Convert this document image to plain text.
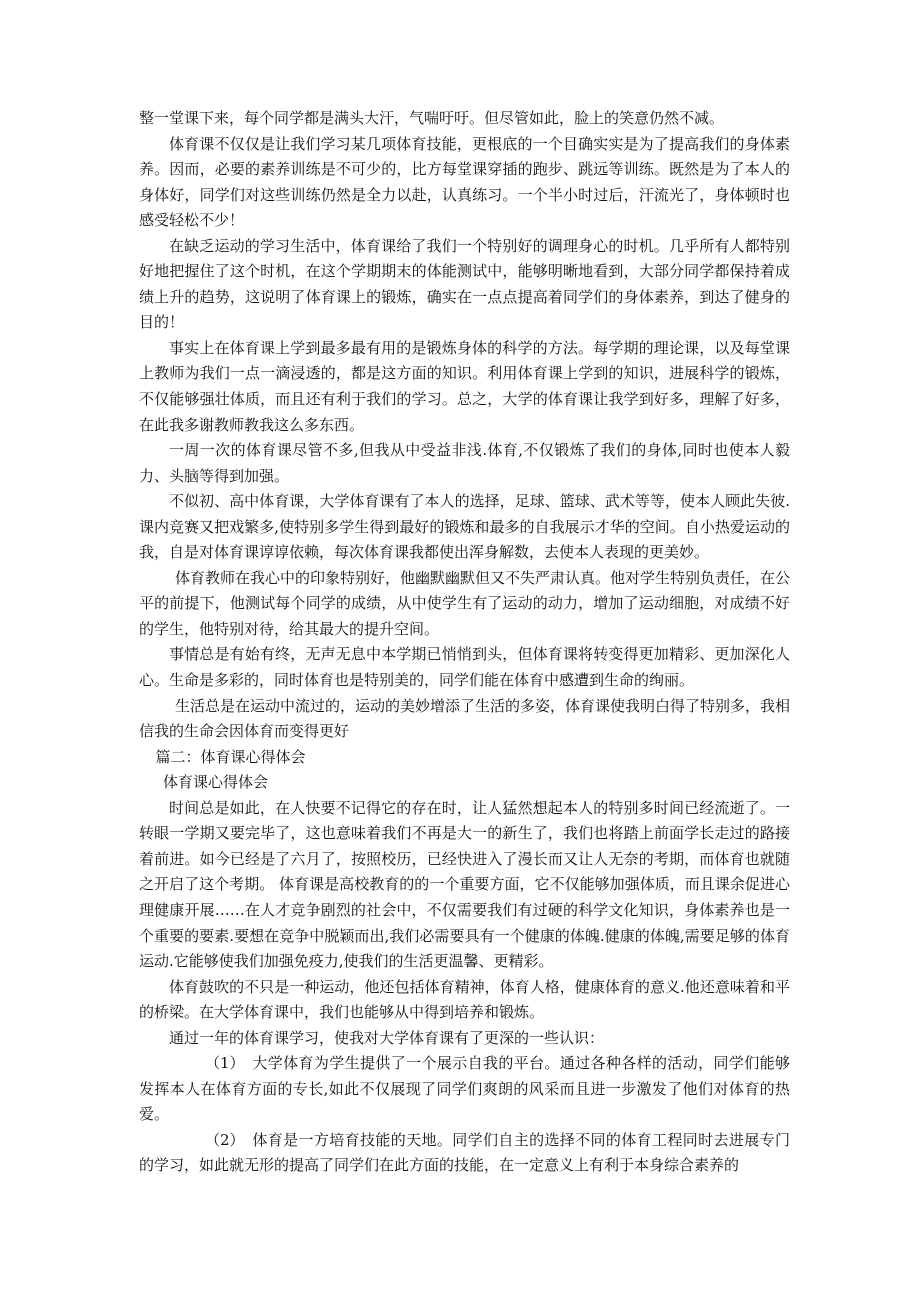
整一堂课下来，每个同学都是满头大汗，气喘吁吁。但尽管如此，脸上的笑意仍然不减。

体育课不仅仅是让我们学习某几项体育技能，更根底的一个目确实实是为了提高我们的身体素养。因而，必要的素养训练是不可少的，比方每堂课穿插的跑步、跳远等训练。既然是为了本人的身体好，同学们对这些训练仍然是全力以赴，认真练习。一个半小时过后，汗流光了，身体顿时也感受轻松不少！

在缺乏运动的学习生活中，体育课给了我们一个特别好的调理身心的时机。几乎所有人都特别好地把握住了这个时机，在这个学期期末的体能测试中，能够明晰地看到，大部分同学都保持着成绩上升的趋势，这说明了体育课上的锻炼，确实在一点点提高着同学们的身体素养，到达了健身的目的！

事实上在体育课上学到最多最有用的是锻炼身体的科学的方法。每学期的理论课，以及每堂课上教师为我们一点一滴浸透的，都是这方面的知识。利用体育课上学到的知识，进展科学的锻炼，不仅能够强壮体质，而且还有利于我们的学习。总之，大学的体育课让我学到好多，理解了好多，在此我多谢教师教我这么多东西。

一周一次的体育课尽管不多,但我从中受益非浅.体育,不仅锻炼了我们的身体,同时也使本人毅力、头脑等得到加强。

不似初、高中体育课，大学体育课有了本人的选择，足球、篮球、武术等等，使本人顾此失彼.课内竞赛又把戏繁多,使特别多学生得到最好的锻炼和最多的自我展示才华的空间。自小热爱运动的我，自是对体育课谆谆依赖，每次体育课我都使出浑身解数，去使本人表现的更美妙。

体育教师在我心中的印象特别好，他幽默幽默但又不失严肃认真。他对学生特别负责任，在公平的前提下，他测试每个同学的成绩，从中使学生有了运动的动力，增加了运动细胞，对成绩不好的学生，他特别对待，给其最大的提升空间。

事情总是有始有终，无声无息中本学期已悄悄到头，但体育课将转变得更加精彩、更加深化人心。生命是多彩的，同时体育也是特别美的，同学们能在体育中感遭到生命的绚丽。

生活总是在运动中流过的，运动的美妙增添了生活的多姿，体育课使我明白得了特别多，我相信我的生命会因体育而变得更好

篇二：体育课心得体会

体育课心得体会

时间总是如此，在人快要不记得它的存在时，让人猛然想起本人的特别多时间已经流逝了。一转眼一学期又要完毕了，这也意味着我们不再是大一的新生了，我们也将踏上前面学长走过的路接着前进。如今已经是了六月了，按照校历，已经快进入了漫长而又让人无奈的考期，而体育也就随之开启了这个考期。 体育课是高校教育的的一个重要方面，它不仅能够加强体质，而且课余促进心理健康开展……在人才竞争剧烈的社会中，不仅需要我们有过硬的科学文化知识，身体素养也是一个重要的要素.要想在竞争中脱颖而出,我们必需要具有一个健康的体魄.健康的体魄,需要足够的体育运动.它能够使我们加强免疫力,使我们的生活更温馨、更精彩。

体育鼓吹的不只是一种运动，他还包括体育精神，体育人格，健康体育的意义.他还意味着和平的桥梁。在大学体育课中，我们也能够从中得到培养和锻炼。

通过一年的体育课学习，使我对大学体育课有了更深的一些认识：

（1） 大学体育为学生提供了一个展示自我的平台。通过各种各样的活动，同学们能够发挥本人在体育方面的专长,如此不仅展现了同学们爽朗的风采而且进一步激发了他们对体育的热爱。

（2） 体育是一方培育技能的天地。同学们自主的选择不同的体育工程同时去进展专门的学习，如此就无形的提高了同学们在此方面的技能，在一定意义上有利于本身综合素养的
